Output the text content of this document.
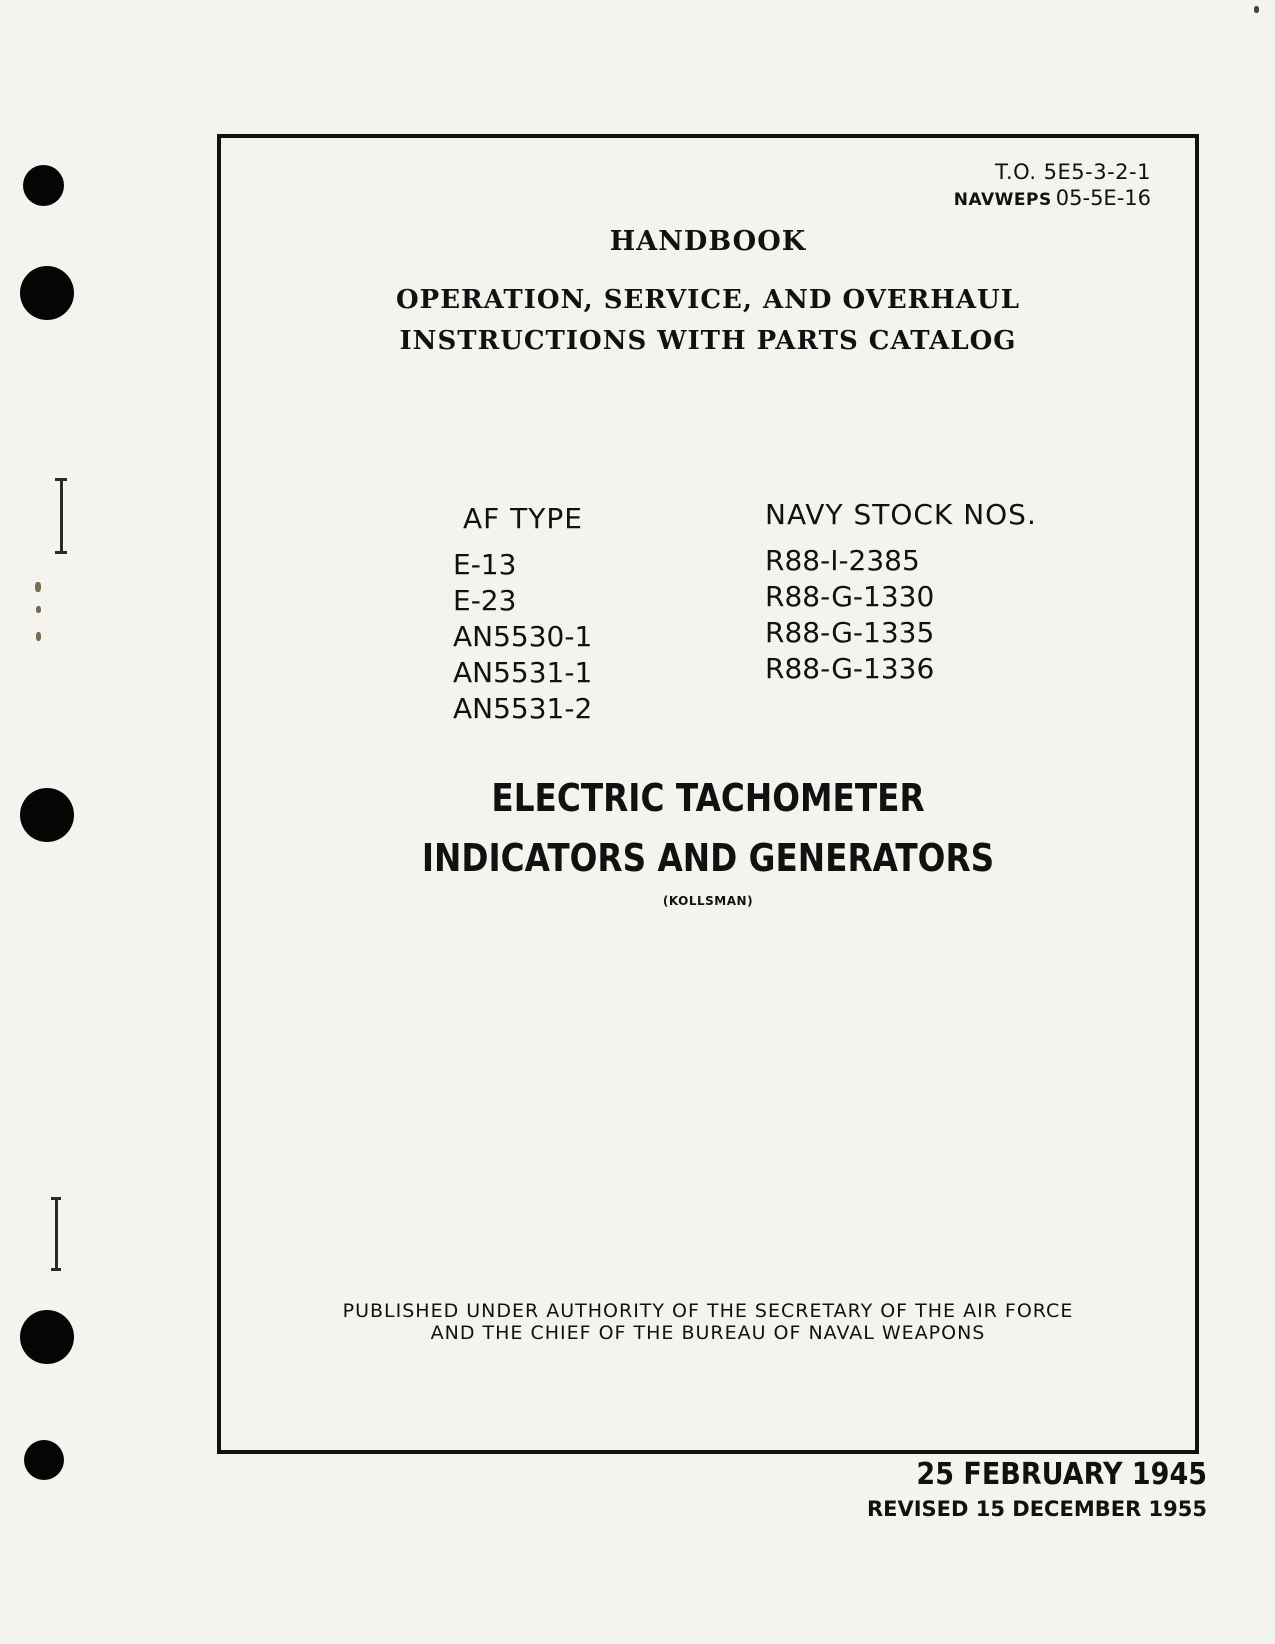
T.O. 5E5-3-2-1
NAVWEPS 05-5E-16
HANDBOOK
OPERATION, SERVICE, AND OVERHAUL
INSTRUCTIONS WITH PARTS CATALOG
AF TYPE
E-13
E-23
AN5530-1
AN5531-1
AN5531-2
NAVY STOCK NOS.
R88-I-2385
R88-G-1330
R88-G-1335
R88-G-1336
ELECTRIC TACHOMETER
INDICATORS AND GENERATORS
(KOLLSMAN)
PUBLISHED UNDER AUTHORITY OF THE SECRETARY OF THE AIR FORCE
AND THE CHIEF OF THE BUREAU OF NAVAL WEAPONS
25 FEBRUARY 1945
REVISED 15 DECEMBER 1955
